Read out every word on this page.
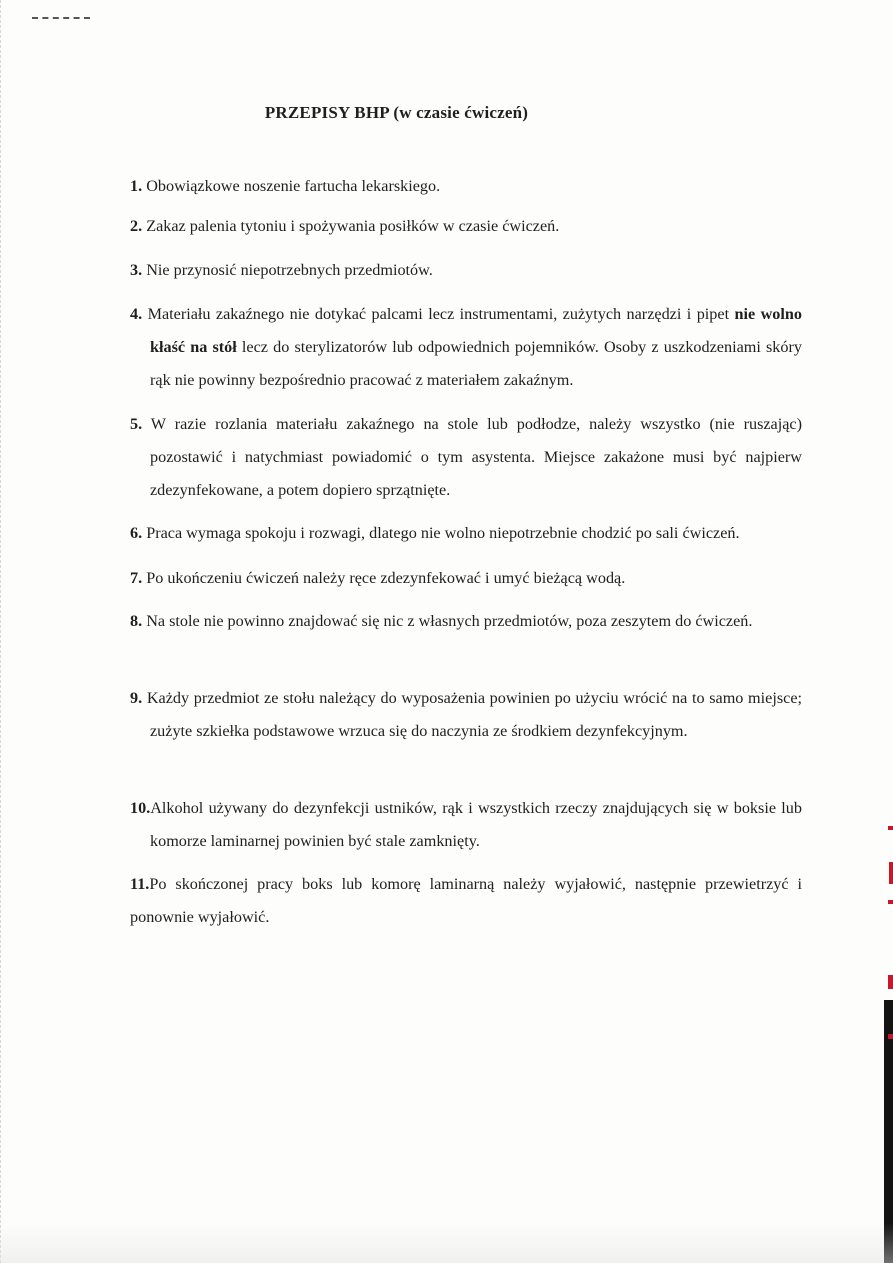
PRZEPISY BHP (w czasie ćwiczeń)
1. Obowiązkowe noszenie fartucha lekarskiego.
2. Zakaz palenia tytoniu i spożywania posiłków w czasie ćwiczeń.
3. Nie przynosić niepotrzebnych przedmiotów.
4. Materiału zakaźnego nie dotykać palcami lecz instrumentami, zużytych narzędzi i pipet nie wolno kłaść na stół lecz do sterylizatorów lub odpowiednich pojemników. Osoby z uszkodzeniami skóry rąk nie powinny bezpośrednio pracować z materiałem zakaźnym.
5. W razie rozlania materiału zakaźnego na stole lub podłodze, należy wszystko (nie ruszając) pozostawić i natychmiast powiadomić o tym asystenta. Miejsce zakażone musi być najpierw zdezynfekowane, a potem dopiero sprzątnięte.
6. Praca wymaga spokoju i rozwagi, dlatego nie wolno niepotrzebnie chodzić po sali ćwiczeń.
7. Po ukończeniu ćwiczeń należy ręce zdezynfekować i umyć bieżącą wodą.
8. Na stole nie powinno znajdować się nic z własnych przedmiotów, poza zeszytem do ćwiczeń.
9. Każdy przedmiot ze stołu należący do wyposażenia powinien po użyciu wrócić na to samo miejsce; zużyte szkiełka podstawowe wrzuca się do naczynia ze środkiem dezynfekcyjnym.
10.Alkohol używany do dezynfekcji ustników, rąk i wszystkich rzeczy znajdujących się w boksie lub komorze laminarnej powinien być stale zamknięty.
11.Po skończonej pracy boks lub komorę laminarną należy wyjałowić, następnie przewietrzyć i ponownie wyjałowić.
